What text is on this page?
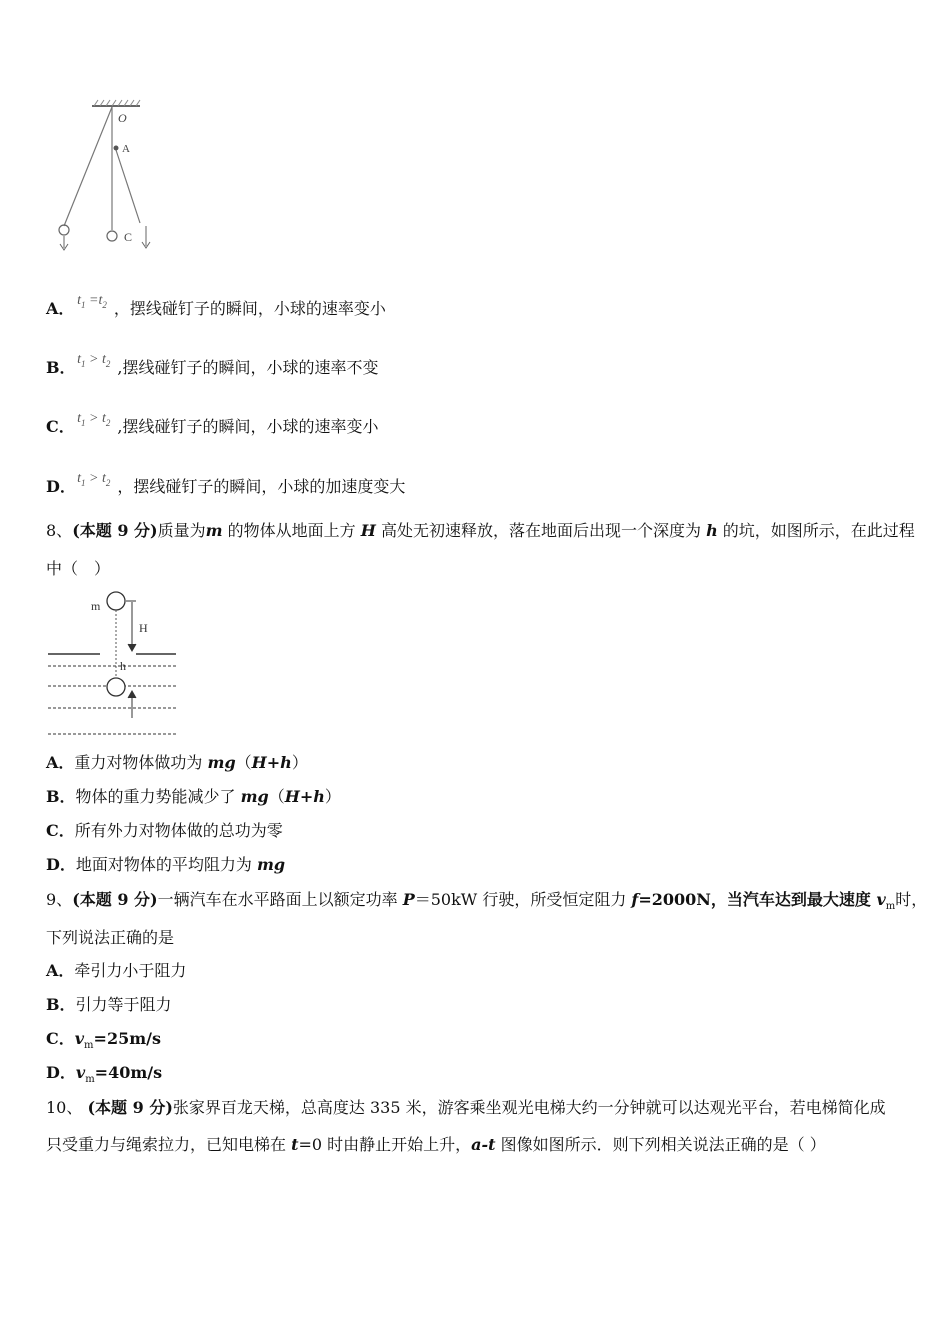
O
A
C
A． $t_1 =t_2$ ，摆线碰钉子的瞬间，小球的速率变小
B． $t_1 > t_2$ ,摆线碰钉子的瞬间，小球的速率不变
C． $t_1 > t_2$ ,摆线碰钉子的瞬间，小球的速率变小
D． $t_1 > t_2$ ，摆线碰钉子的瞬间，小球的加速度变大
8、(本题 9 分)质量为m 的物体从地面上方 H 高处无初速释放，落在地面后出现一个深度为 h 的坑，如图所示，在此过程中（　）
m
H
h
A．重力对物体做功为 mg（H+h）
B．物体的重力势能减少了 mg（H+h）
C．所有外力对物体做的总功为零
D．地面对物体的平均阻力为 mg
9、(本题 9 分)一辆汽车在水平路面上以额定功率 P＝50kW 行驶，所受恒定阻力 f=2000N，当汽车达到最大速度 $v_m$时，
下列说法正确的是
A．牵引力小于阻力
B．引力等于阻力
C．$v_m=25m/s$
D．$v_m=40m/s$
10、 (本题 9 分)张家界百龙天梯，总高度达 335 米，游客乘坐观光电梯大约一分钟就可以达观光平台，若电梯简化成
只受重力与绳索拉力，已知电梯在 t=0 时由静止开始上升，a-t 图像如图所示．则下列相关说法正确的是（ ）
